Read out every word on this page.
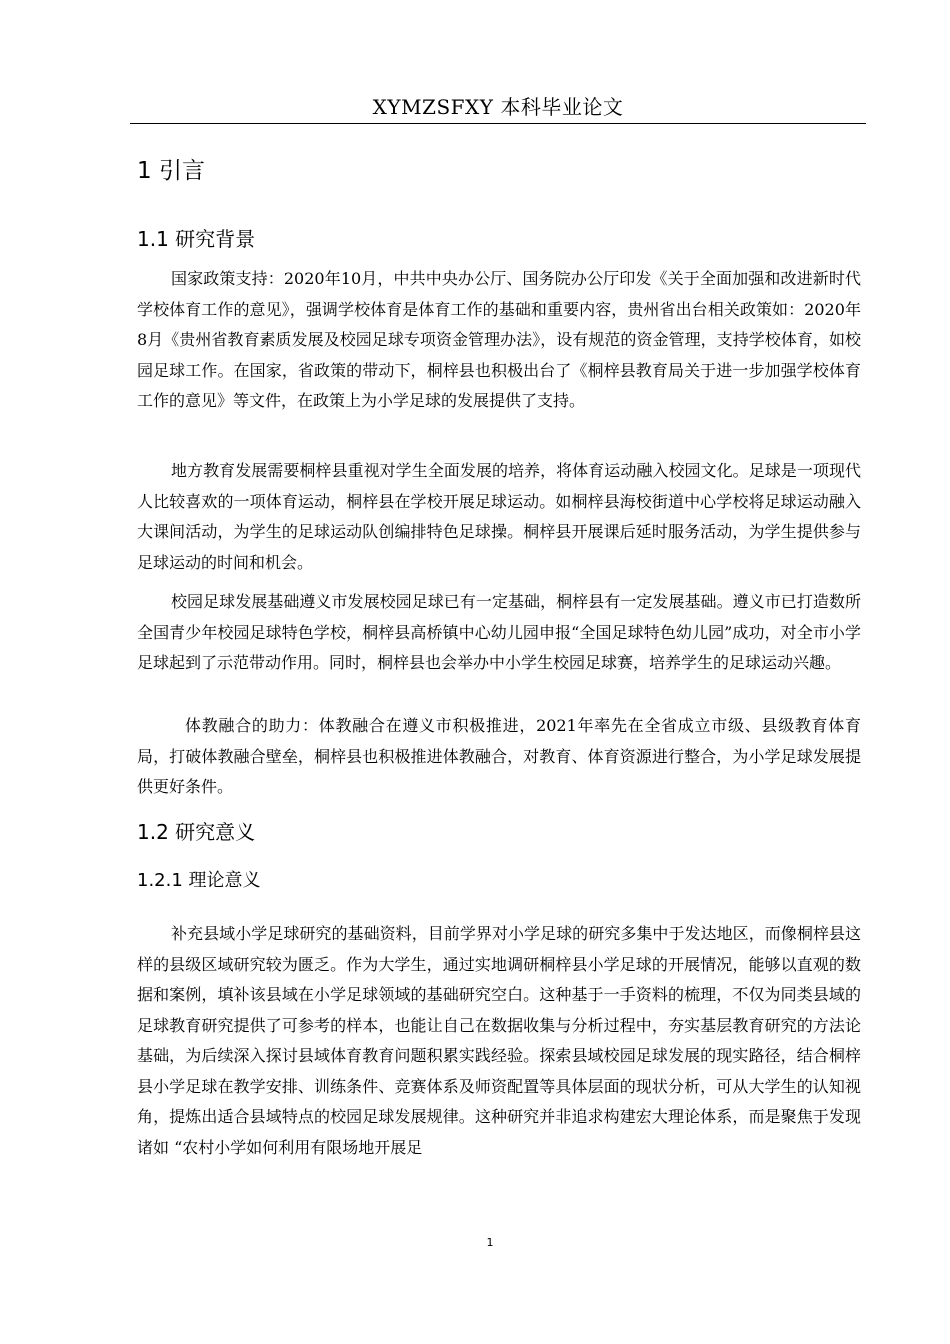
XYMZSFXY 本科毕业论文
1 引言
1.1 研究背景

国家政策支持：2020年10月，中共中央办公厅、国务院办公厅印发《关于全面加强和改进新时代学校体育工作的意见》，强调学校体育是体育工作的基础和重要内容，贵州省出台相关政策如：2020年8月《贵州省教育素质发展及校园足球专项资金管理办法》，设有规范的资金管理，支持学校体育，如校园足球工作。在国家，省政策的带动下，桐梓县也积极出台了《桐梓县教育局关于进一步加强学校体育工作的意见》等文件，在政策上为小学足球的发展提供了支持。

地方教育发展需要桐梓县重视对学生全面发展的培养，将体育运动融入校园文化。足球是一项现代人比较喜欢的一项体育运动，桐梓县在学校开展足球运动。如桐梓县海校街道中心学校将足球运动融入大课间活动，为学生的足球运动队创编排特色足球操。桐梓县开展课后延时服务活动，为学生提供参与足球运动的时间和机会。

校园足球发展基础遵义市发展校园足球已有一定基础，桐梓县有一定发展基础。遵义市已打造数所全国青少年校园足球特色学校，桐梓县高桥镇中心幼儿园申报“全国足球特色幼儿园”成功，对全市小学足球起到了示范带动作用。同时，桐梓县也会举办中小学生校园足球赛，培养学生的足球运动兴趣。

体教融合的助力：体教融合在遵义市积极推进，2021年率先在全省成立市级、县级教育体育局，打破体教融合壁垒，桐梓县也积极推进体教融合，对教育、体育资源进行整合，为小学足球发展提供更好条件。

1.2 研究意义
1.2.1 理论意义

补充县域小学足球研究的基础资料，目前学界对小学足球的研究多集中于发达地区，而像桐梓县这样的县级区域研究较为匮乏。作为大学生，通过实地调研桐梓县小学足球的开展情况，能够以直观的数据和案例，填补该县域在小学足球领域的基础研究空白。这种基于一手资料的梳理，不仅为同类县域的足球教育研究提供了可参考的样本，也能让自己在数据收集与分析过程中，夯实基层教育研究的方法论基础，为后续深入探讨县域体育教育问题积累实践经验。探索县域校园足球发展的现实路径，结合桐梓县小学足球在教学安排、训练条件、竞赛体系及师资配置等具体层面的现状分析，可从大学生的认知视角，提炼出适合县域特点的校园足球发展规律。这种研究并非追求构建宏大理论体系，而是聚焦于发现诸如 “农村小学如何利用有限场地开展足

1
